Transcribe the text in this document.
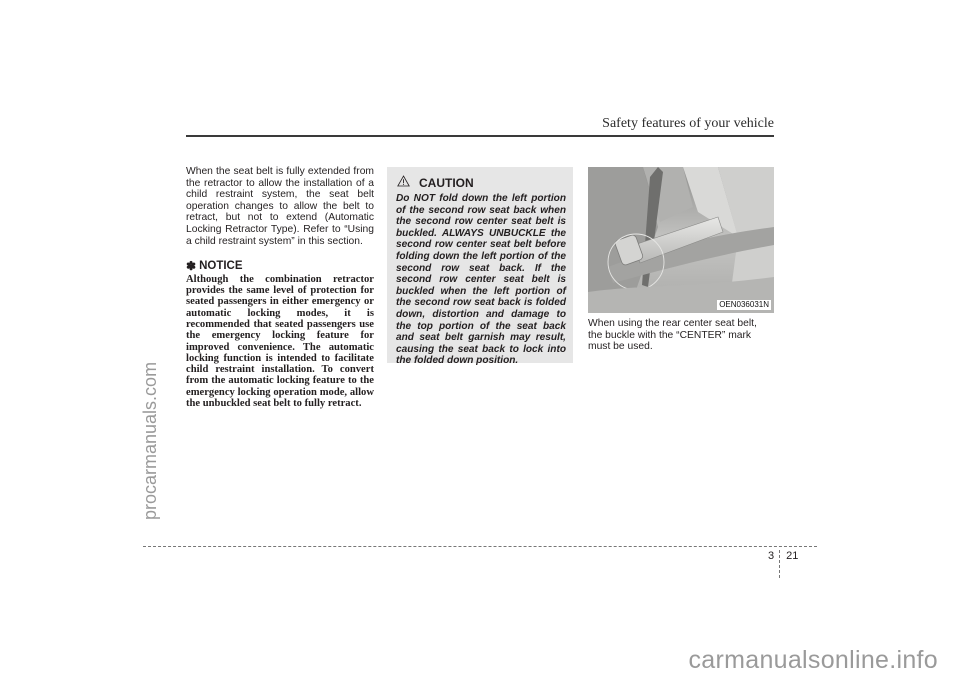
Safety features of your vehicle
procarmanuals.com
When the seat belt is fully extended from the retractor to allow the installation of a child restraint system, the seat belt operation changes to allow the belt to retract, but not to extend (Automatic Locking Retractor Type). Refer to “Using a child restraint system” in this section.
✽ NOTICE
Although the combination retractor provides the same level of protection for seated passengers in either emergency or automatic locking modes, it is recommended that seated passengers use the emergency locking feature for improved convenience. The automatic locking function is intended to facilitate child restraint installation. To convert from the automatic locking feature to the emergency locking operation mode, allow the unbuckled seat belt to fully retract.
CAUTION
Do NOT fold down the left portion of the second row seat back when the second row center seat belt is buckled. ALWAYS UNBUCKLE the second row center seat belt before folding down the left portion of the second row seat back. If the second row center seat belt is buckled when the left portion of the second row seat back is folded down, distortion and damage to the top portion of the seat back and seat belt garnish may result, causing the seat back to lock into the folded down position.
OEN036031N
When using the rear center seat belt, the buckle with the “CENTER” mark must be used.
3 21
carmanualsonline.info
